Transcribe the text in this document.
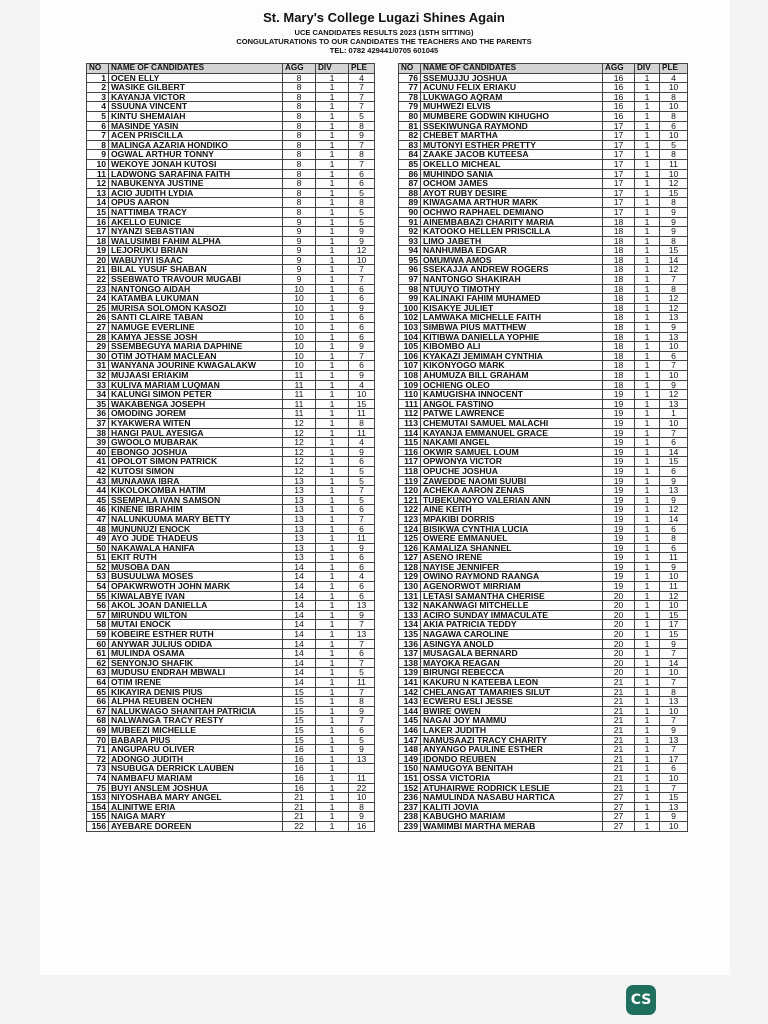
St. Mary's College Lugazi Shines Again
UCE CANDIDATES RESULTS 2023 (15TH SITTING)
CONGULATURATIONS TO OUR CANDIDATES THE TEACHERS AND THE PARENTS
TEL: 0782 429441/0705 601045
NO	NAME OF CANDIDATES	AGG	DIV	PLE
1	OCEN ELLY	8	1	4
2	WASIKE GILBERT	8	1	7
3	KAYANJA VICTOR	8	1	7
4	SSUUNA VINCENT	8	1	7
5	KINTU SHEMAIAH	8	1	5
6	MASINDE YASIN	8	1	8
7	ACEN PRISCILLA	8	1	9
8	MALINGA AZARIA HONDIKO	8	1	7
9	OGWAL ARTHUR TONNY	8	1	8
10	WEKOYE JONAH KUTOSI	8	1	7
11	LADWONG SARAFINA FAITH	8	1	6
12	NABUKENYA JUSTINE	8	1	6
13	ACIO JUDITH LYDIA	8	1	5
14	OPUS AARON	8	1	8
15	NATTIMBA TRACY	8	1	5
16	AKELLO EUNICE	9	1	5
17	NYANZI SEBASTIAN	9	1	9
18	WALUSIMBI FAHIM ALPHA	9	1	9
19	LEJORUKU BRIAN	9	1	12
20	WABUYIYI ISAAC	9	1	10
21	BILAL YUSUF SHABAN	9	1	7
22	SSEBWATO TRAVOUR MUGABI	9	1	7
23	NANTONGO AIDAH	10	1	6
24	KATAMBA LUKUMAN	10	1	6
25	MURISA SOLOMON KASOZI	10	1	9
26	SANTI CLAIRE TABAN	10	1	6
27	NAMUGE EVERLINE	10	1	6
28	KAMYA JESSE JOSH	10	1	6
29	SSEMBEGUYA MARIA DAPHINE	10	1	9
30	OTIM JOTHAM MACLEAN	10	1	7
31	WANYANA JOURINE KWAGALAKW	10	1	6
32	MUJAASI ERIAKIM	11	1	9
33	KULIVA MARIAM LUQMAN	11	1	4
34	KALUNGI SIMON PETER	11	1	10
35	WAKABENGA JOSEPH	11	1	15
36	OMODING JOREM	11	1	11
37	KYAKWERA WITEN	12	1	8
38	HANGI PAUL AYESIGA	12	1	11
39	GWOOLO MUBARAK	12	1	4
40	EBONGO JOSHUA	12	1	9
41	OPOLOT SIMON PATRICK	12	1	6
42	KUTOSI SIMON	12	1	5
43	MUNAAWA IBRA	13	1	5
44	KIKOLOKOMBA HATIM	13	1	7
45	SSEMPALA IVAN SAMSON	13	1	5
46	KINENE IBRAHIM	13	1	6
47	NALUNKUUMA MARY BETTY	13	1	7
48	MUNUNUZI ENOCK	13	1	6
49	AYO JUDE THADEUS	13	1	11
50	NAKAWALA HANIFA	13	1	9
51	EKIT RUTH	13	1	6
52	MUSOBA DAN	14	1	6
53	BUSUULWA MOSES	14	1	4
54	OPAKWRWOTH JOHN MARK	14	1	6
55	KIWALABYE IVAN	14	1	6
56	AKOL JOAN DANIELLA	14	1	13
57	MIRUNDU WILTON	14	1	9
58	MUTAI ENOCK	14	1	7
59	KOBEIRE ESTHER RUTH	14	1	13
60	ANYWAR JULIUS ODIDA	14	1	7
61	MULINDA OSAMA	14	1	6
62	SENYONJO SHAFIK	14	1	7
63	MUDUSU ENDRAH MBWALI	14	1	5
64	OTIM IRENE	14	1	11
65	KIKAYIRA DENIS PIUS	15	1	7
66	ALPHA REUBEN OCHEN	15	1	8
67	NALUKWAGO SHANITAH PATRICIA	15	1	9
68	NALWANGA TRACY RESTY	15	1	7
69	MUBEEZI MICHELLE	15	1	6
70	BABARA PIUS	15	1	5
71	ANGUPARU OLIVER	16	1	9
72	ADONGO JUDITH	16	1	13
73	NSUBUGA DERRICK LAUBEN	16	1	
74	NAMBAFU MARIAM	16	1	11
75	BUYI ANSLEM JOSHUA	16	1	22
153	NIYOSHABA MARY ANGEL	21	1	10
154	ALINITWE ERIA	21	1	8
155	NAIGA MARY	21	1	9
156	AYEBARE DOREEN	22	1	16
NO	NAME OF CANDIDATES	AGG	DIV	PLE
76	SSEMUJJU JOSHUA	16	1	4
77	ACUNU FELIX ERIAKU	16	1	10
78	LUKWAGO AQRAM	16	1	8
79	MUHWEZI ELVIS	16	1	10
80	MUMBERE GODWIN KIHUGHO	16	1	8
81	SSEKIWUNGA RAYMOND	17	1	6
82	CHEBET MARTHA	17	1	10
83	MUTONYI ESTHER PRETTY	17	1	5
84	ZAAKE JACOB KUTEESA	17	1	8
85	OKELLO MICHEAL	17	1	11
86	MUHINDO SANIA	17	1	10
87	OCHOM JAMES	17	1	12
88	AYOT RUBY DESIRE	17	1	15
89	KIWAGAMA ARTHUR MARK	17	1	8
90	OCHWO RAPHAEL DEMIANO	17	1	9
91	AINEMBABAZI CHARITY MARIA	18	1	9
92	KATOOKO HELLEN PRISCILLA	18	1	9
93	LIMO JABETH	18	1	8
94	NANHUMBA EDGAR	18	1	15
95	OMUMWA AMOS	18	1	14
96	SSEKAJJA ANDREW ROGERS	18	1	12
97	NANTONGO SHAKIRAH	18	1	7
98	NTUUYO TIMOTHY	18	1	8
99	KALINAKI FAHIM MUHAMED	18	1	12
100	KISAKYE JULIET	18	1	12
102	LAMWAKA MICHELLE FAITH	18	1	13
103	SIMBWA PIUS MATTHEW	18	1	9
104	KITIBWA DANIELLA YOPHIE	18	1	13
105	KIBOMBO ALI	18	1	10
106	KYAKAZI JEMIMAH CYNTHIA	18	1	6
107	KIKONYOGO MARK	18	1	7
108	AHUMUZA BILL GRAHAM	18	1	10
109	OCHIENG OLEO	18	1	9
110	KAMUGISHA INNOCENT	19	1	12
111	ANGOL FASTINO	19	1	13
112	PATWE LAWRENCE	19	1	1
113	CHEMUTAI SAMUEL MALACHI	19	1	10
114	KAYANJA EMMANUEL GRACE	19	1	7
115	NAKAMI ANGEL	19	1	6
116	OKWIR SAMUEL LOUM	19	1	14
117	OPWONYA VICTOR	19	1	15
118	OPUCHE JOSHUA	19	1	6
119	ZAWEDDE NAOMI SUUBI	19	1	9
120	ACHEKA AARON ZENAS	19	1	13
121	TUBEKUNOYO VALERIAN ANN	19	1	9
122	AINE KEITH	19	1	12
123	MPAKIBI DORRIS	19	1	14
124	BISIKWA CYNTHIA LUCIA	19	1	6
125	OWERE EMMANUEL	19	1	8
126	KAMALIZA SHANNEL	19	1	6
127	ASENO IRENE	19	1	11
128	NAYISE JENNIFER	19	1	9
129	OWINO RAYMOND RAANGA	19	1	10
130	AGENORWOT MIRRIAM	19	1	11
131	LETASI SAMANTHA CHERISE	20	1	12
132	NAKANWAGI MITCHELLE	20	1	10
133	ACIRO SUNDAY IMMACULATE	20	1	15
134	AKIA PATRICIA TEDDY	20	1	17
135	NAGAWA CAROLINE	20	1	15
136	ASINGYA ANOLD	20	1	9
137	MUSAGALA BERNARD	20	1	7
138	MAYOKA REAGAN	20	1	14
139	BIRUNGI REBECCA	20	1	10
141	KAKURU N KATEEBA LEON	21	1	7
142	CHELANGAT TAMARIES SILUT	21	1	8
143	ECWERU ESLI JESSE	21	1	13
144	BWIRE OWEN	21	1	10
145	NAGAI JOY MAMMU	21	1	7
146	LAKER JUDITH	21	1	9
147	NAMUSAAZI TRACY CHARITY	21	1	13
148	ANYANGO PAULINE ESTHER	21	1	7
149	IDONDO REUBEN	21	1	17
150	NAMUGOYA BENITAH	21	1	6
151	OSSA VICTORIA	21	1	10
152	ATUHAIRWE RODRICK LESLIE	21	1	7
236	NAMULINDA NASABU HARTICA	27	1	15
237	KALITI JOVIA	27	1	13
238	KABUGHO MARIAM	27	1	9
239	WAMIMBI MARTHA MERAB	27	1	10
CS
